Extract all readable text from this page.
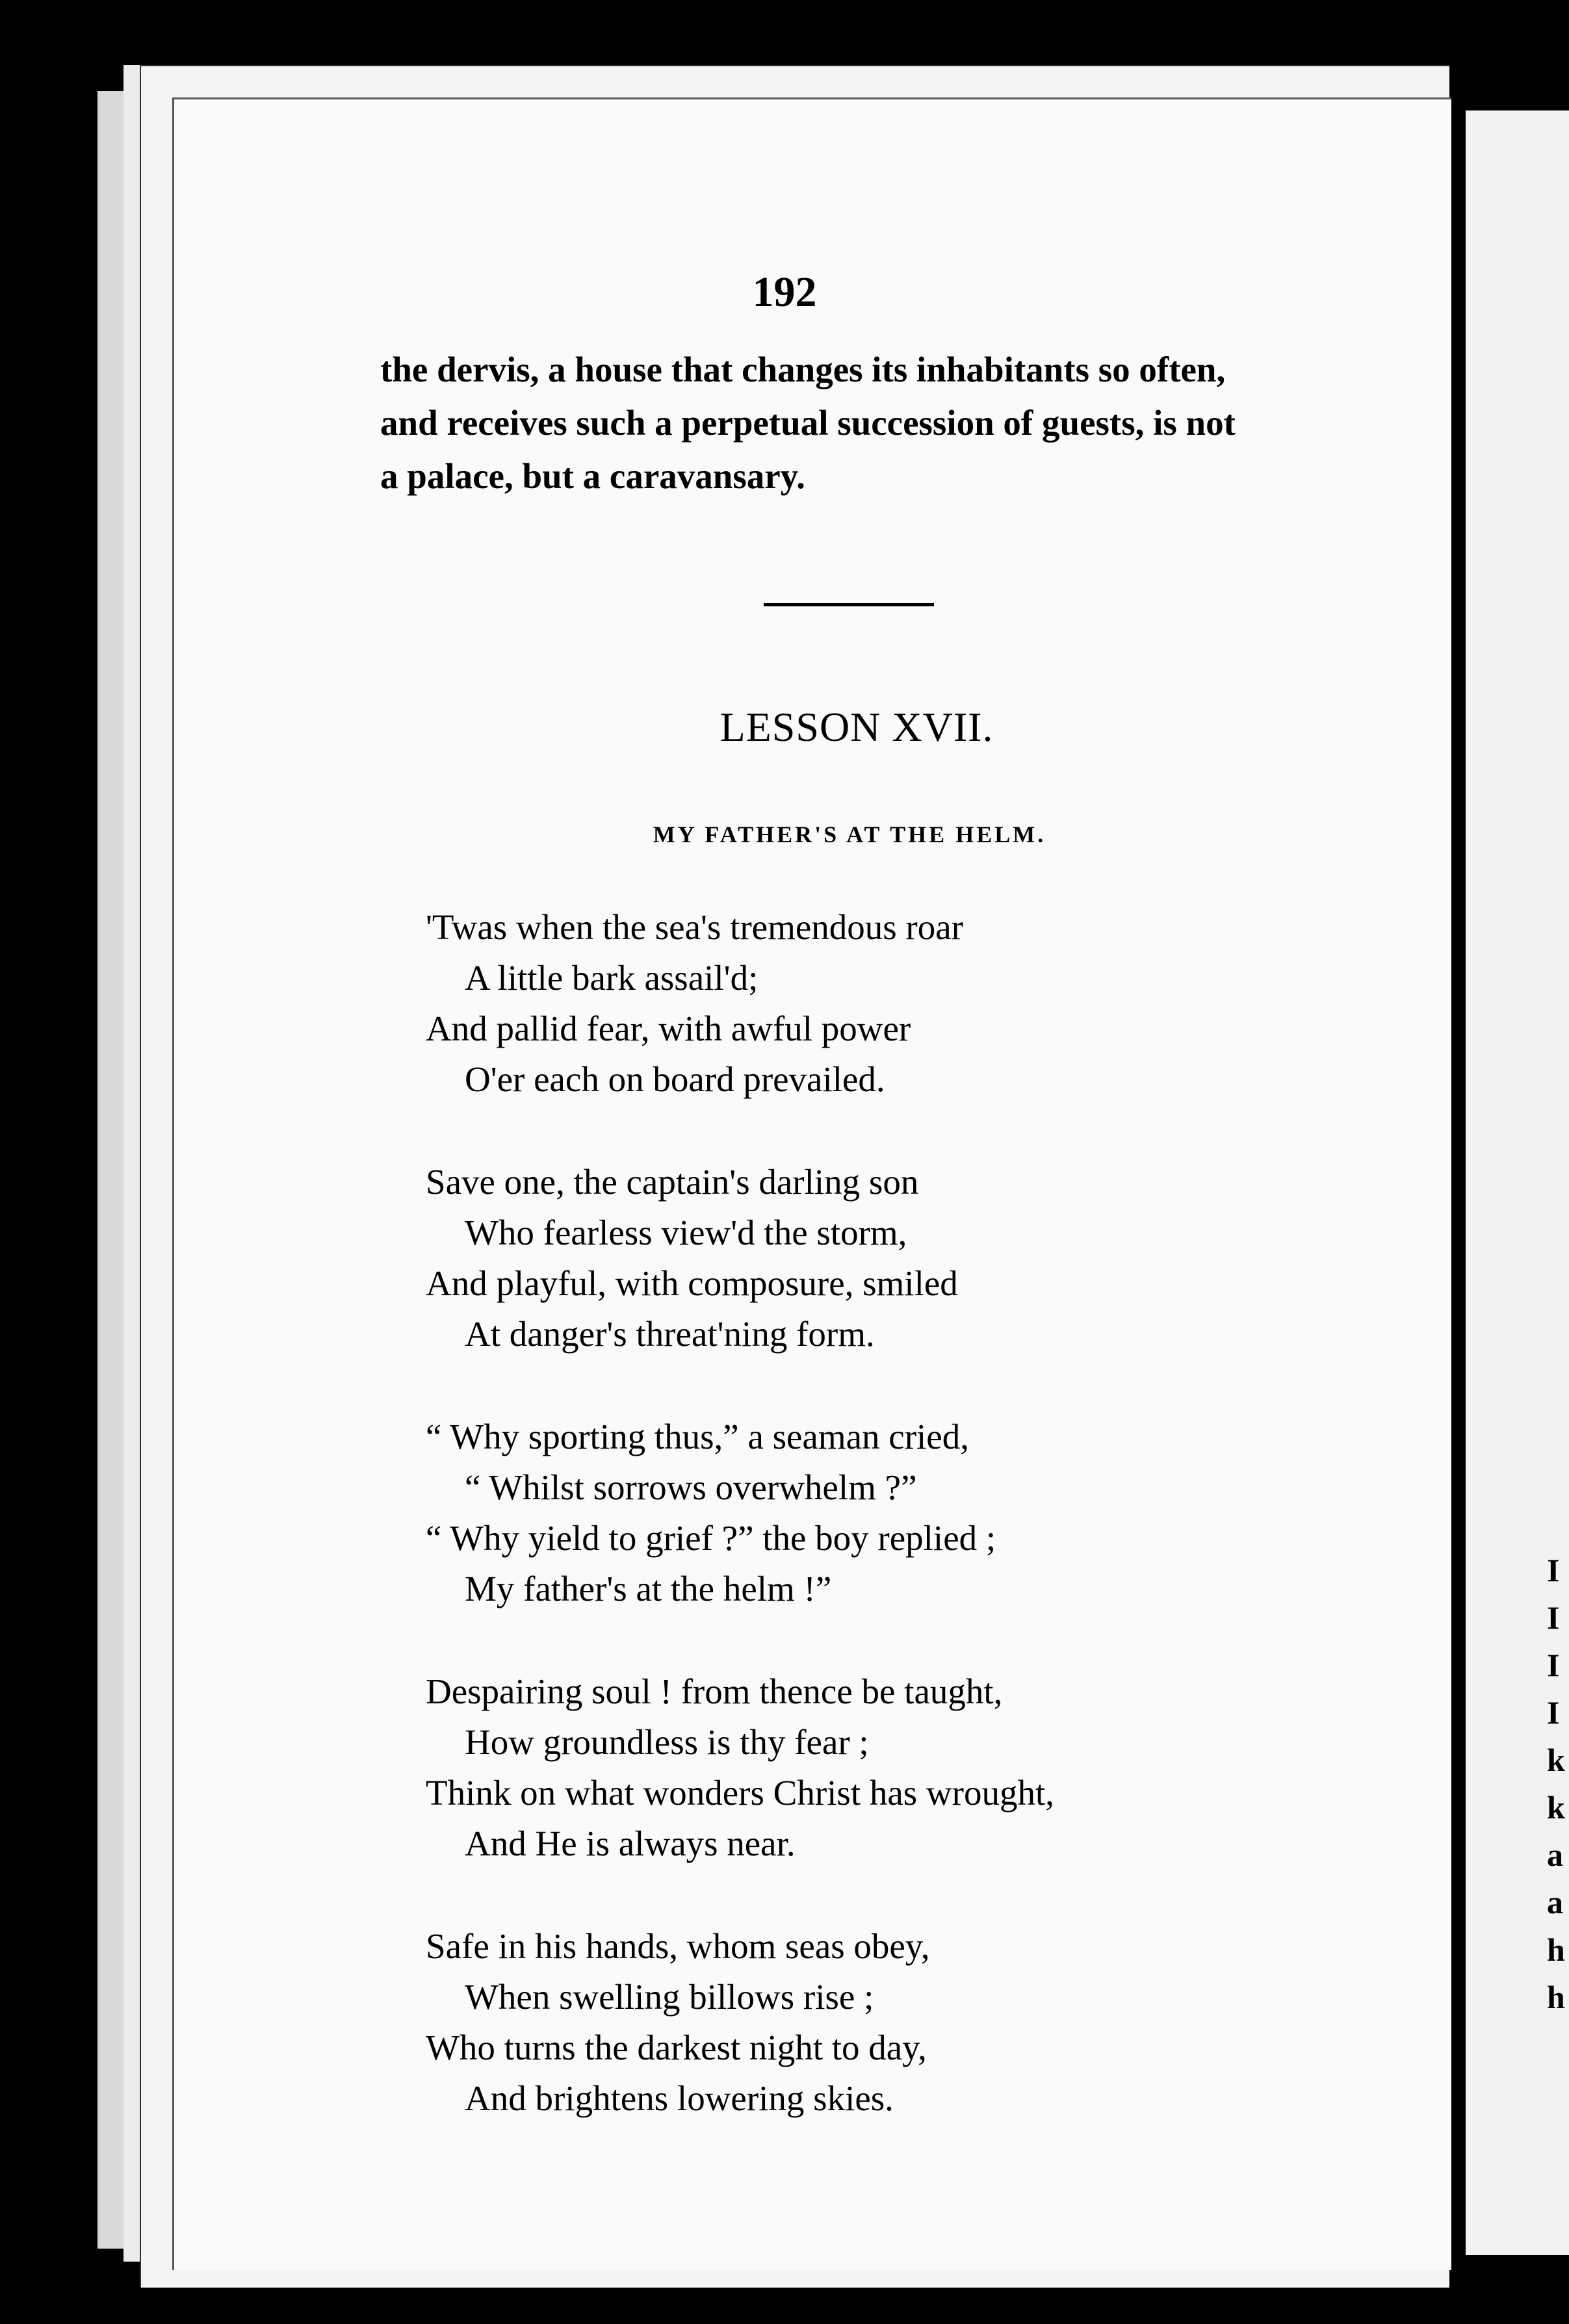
192
the dervis, a house that changes its inhabitants so often,
and receives such a perpetual succession of guests, is not
a palace, but a caravansary.
LESSON XVII.
MY FATHER'S AT THE HELM.
'Twas when the sea's tremendous roar
A little bark assail'd;
And pallid fear, with awful power
O'er each on board prevailed.
Save one, the captain's darling son
Who fearless view'd the storm,
And playful, with composure, smiled
At danger's threat'ning form.
“ Why sporting thus,” a seaman cried,
“ Whilst sorrows overwhelm ?”
“ Why yield to grief ?” the boy replied ;
My father's at the helm !”
Despairing soul ! from thence be taught,
How groundless is thy fear ;
Think on what wonders Christ has wrought,
And He is always near.
Safe in his hands, whom seas obey,
When swelling billows rise ;
Who turns the darkest night to day,
And brightens lowering skies.
I
I
I
I
k
k
a
a
h
h
